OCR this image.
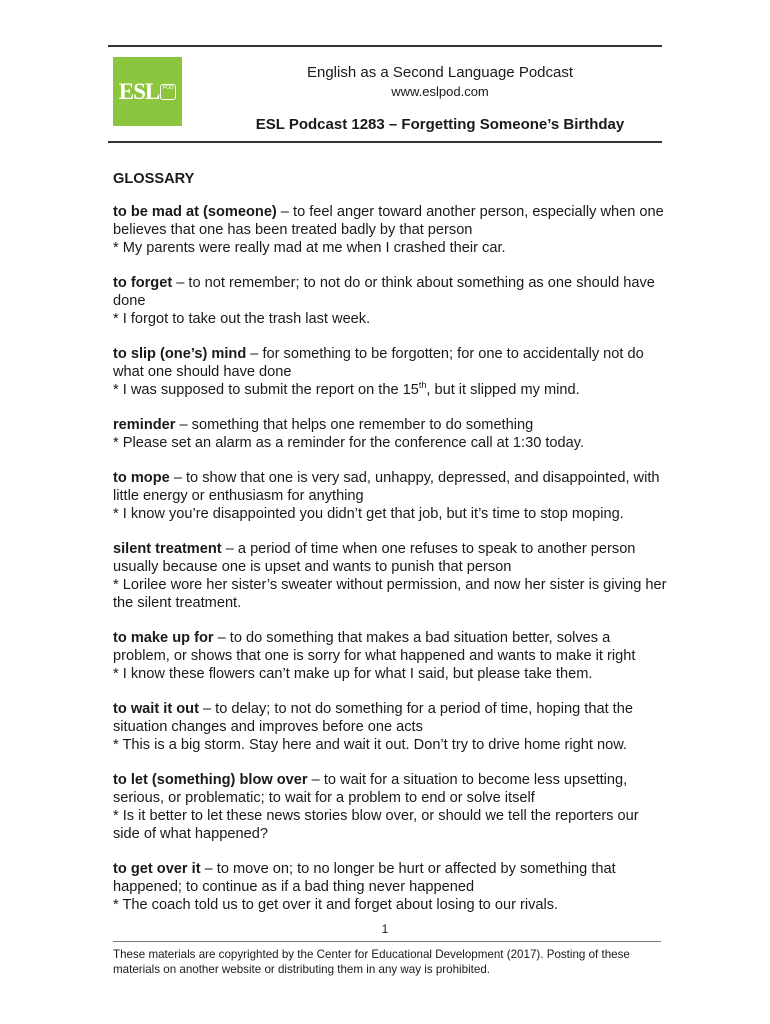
ESL POD
English as a Second Language Podcast
www.eslpod.com
ESL Podcast 1283 – Forgetting Someone’s Birthday
GLOSSARY

to be mad at (someone) – to feel anger toward another person, especially when one believes that one has been treated badly by that person

* My parents were really mad at me when I crashed their car.

to forget – to not remember; to not do or think about something as one should have done

* I forgot to take out the trash last week.

to slip (one’s) mind – for something to be forgotten; for one to accidentally not do what one should have done

* I was supposed to submit the report on the 15th, but it slipped my mind.

reminder – something that helps one remember to do something

* Please set an alarm as a reminder for the conference call at 1:30 today.

to mope – to show that one is very sad, unhappy, depressed, and disappointed, with little energy or enthusiasm for anything

* I know you’re disappointed you didn’t get that job, but it’s time to stop moping.

silent treatment – a period of time when one refuses to speak to another person usually because one is upset and wants to punish that person

* Lorilee wore her sister’s sweater without permission, and now her sister is giving her the silent treatment.

to make up for – to do something that makes a bad situation better, solves a problem, or shows that one is sorry for what happened and wants to make it right

* I know these flowers can’t make up for what I said, but please take them.

to wait it out – to delay; to not do something for a period of time, hoping that the situation changes and improves before one acts

* This is a big storm. Stay here and wait it out. Don’t try to drive home right now.

to let (something) blow over – to wait for a situation to become less upsetting, serious, or problematic; to wait for a problem to end or solve itself

* Is it better to let these news stories blow over, or should we tell the reporters our side of what happened?

to get over it – to move on; to no longer be hurt or affected by something that happened; to continue as if a bad thing never happened

* The coach told us to get over it and forget about losing to our rivals.

1
These materials are copyrighted by the Center for Educational Development (2017). Posting of these materials on another website or distributing them in any way is prohibited.
